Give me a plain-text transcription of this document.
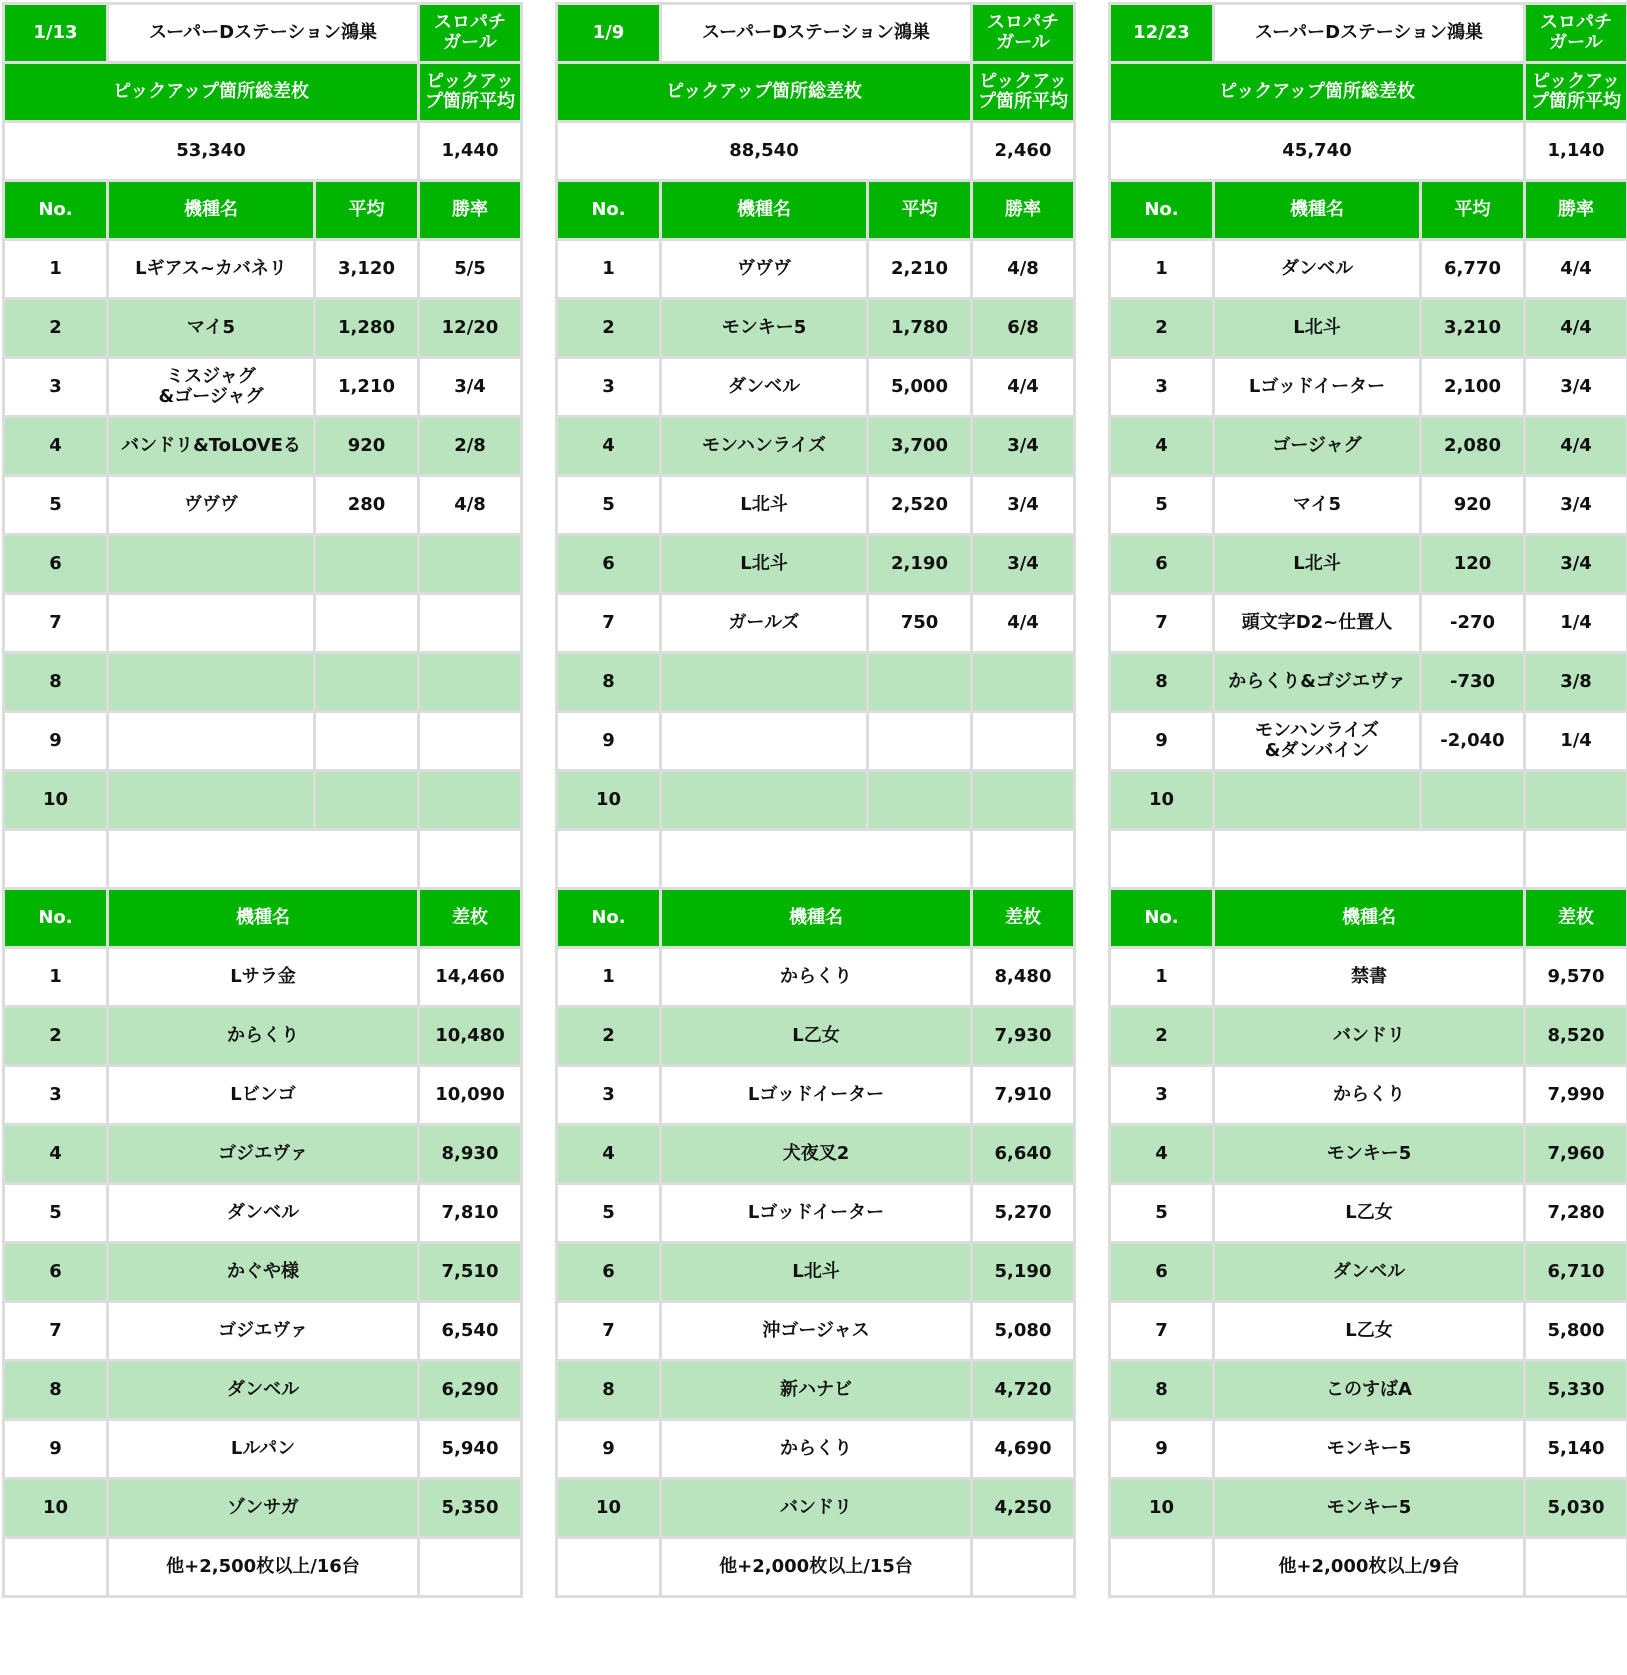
1/13	スーパーDステーション鴻巣		スロパチ
ガール
ピックアップ箇所総差枚			ピックアップ箇所平均
53,340			1,440
No.	機種名	平均	勝率
1	Lギアス~カバネリ	3,120	5/5
2	マイ5	1,280	12/20
3	ミスジャグ
&ゴージャグ	1,210	3/4
4	バンドリ&ToLOVEる	920	2/8
5	ヴヴヴ	280	4/8
6			
7			
8			
9			
10			

No.	機種名		差枚
1	Lサラ金		14,460
2	からくり		10,480
3	Lビンゴ		10,090
4	ゴジエヴァ		8,930
5	ダンベル		7,810
6	かぐや様		7,510
7	ゴジエヴァ		6,540
8	ダンベル		6,290
9	Lルパン		5,940
10	ゾンサガ		5,350
	他+2,500枚以上/16台		
1/9	スーパーDステーション鴻巣		スロパチ
ガール
ピックアップ箇所総差枚			ピックアップ箇所平均
88,540			2,460
No.	機種名	平均	勝率
1	ヴヴヴ	2,210	4/8
2	モンキー5	1,780	6/8
3	ダンベル	5,000	4/4
4	モンハンライズ	3,700	3/4
5	L北斗	2,520	3/4
6	L北斗	2,190	3/4
7	ガールズ	750	4/4
8			
9			
10			

No.	機種名		差枚
1	からくり		8,480
2	L乙女		7,930
3	Lゴッドイーター		7,910
4	犬夜叉2		6,640
5	Lゴッドイーター		5,270
6	L北斗		5,190
7	沖ゴージャス		5,080
8	新ハナビ		4,720
9	からくり		4,690
10	バンドリ		4,250
	他+2,000枚以上/15台		
12/23	スーパーDステーション鴻巣		スロパチ
ガール
ピックアップ箇所総差枚			ピックアップ箇所平均
45,740			1,140
No.	機種名	平均	勝率
1	ダンベル	6,770	4/4
2	L北斗	3,210	4/4
3	Lゴッドイーター	2,100	3/4
4	ゴージャグ	2,080	4/4
5	マイ5	920	3/4
6	L北斗	120	3/4
7	頭文字D2~仕置人	-270	1/4
8	からくり&ゴジエヴァ	-730	3/8
9	モンハンライズ
&ダンバイン	-2,040	1/4
10			

No.	機種名		差枚
1	禁書		9,570
2	バンドリ		8,520
3	からくり		7,990
4	モンキー5		7,960
5	L乙女		7,280
6	ダンベル		6,710
7	L乙女		5,800
8	このすばA		5,330
9	モンキー5		5,140
10	モンキー5		5,030
	他+2,000枚以上/9台		
